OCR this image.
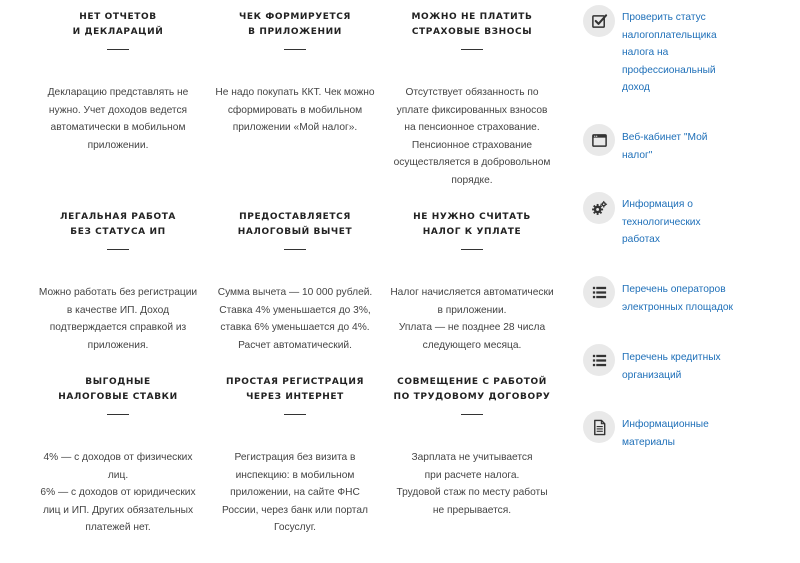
НЕТ ОТЧЕТОВ
И ДЕКЛАРАЦИЙ
Декларацию представлять не
нужно. Учет доходов ведется
автоматически в мобильном
приложении.
ЧЕК ФОРМИРУЕТСЯ
В ПРИЛОЖЕНИИ
Не надо покупать ККТ. Чек можно
сформировать в мобильном
приложении «Мой налог».
МОЖНО НЕ ПЛАТИТЬ
СТРАХОВЫЕ ВЗНОСЫ
Отсутствует обязанность по
уплате фиксированных взносов
на пенсионное страхование.
Пенсионное страхование
осуществляется в добровольном
порядке.
ЛЕГАЛЬНАЯ РАБОТА
БЕЗ СТАТУСА ИП
Можно работать без регистрации
в качестве ИП. Доход
подтверждается справкой из
приложения.
ПРЕДОСТАВЛЯЕТСЯ
НАЛОГОВЫЙ ВЫЧЕТ
Сумма вычета — 10 000 рублей.
Ставка 4% уменьшается до 3%,
ставка 6% уменьшается до 4%.
Расчет автоматический.
НЕ НУЖНО СЧИТАТЬ
НАЛОГ К УПЛАТЕ
Налог начисляется автоматически
в приложении.
Уплата — не позднее 28 числа
следующего месяца.
ВЫГОДНЫЕ
НАЛОГОВЫЕ СТАВКИ
4% — с доходов от физических
лиц.
6% — с доходов от юридических
лиц и ИП. Других обязательных
платежей нет.
ПРОСТАЯ РЕГИСТРАЦИЯ
ЧЕРЕЗ ИНТЕРНЕТ
Регистрация без визита в
инспекцию: в мобильном
приложении, на сайте ФНС
России, через банк или портал
Госуслуг.
СОВМЕЩЕНИЕ С РАБОТОЙ
ПО ТРУДОВОМУ ДОГОВОРУ
Зарплата не учитывается
при расчете налога.
Трудовой стаж по месту работы
не прерывается.
Проверить статус
налогоплательщика
налога на
профессиональный
доход
Веб-кабинет "Мой
налог"
Информация о
технологических
работах
Перечень операторов
электронных площадок
Перечень кредитных
организаций
Информационные
материалы
